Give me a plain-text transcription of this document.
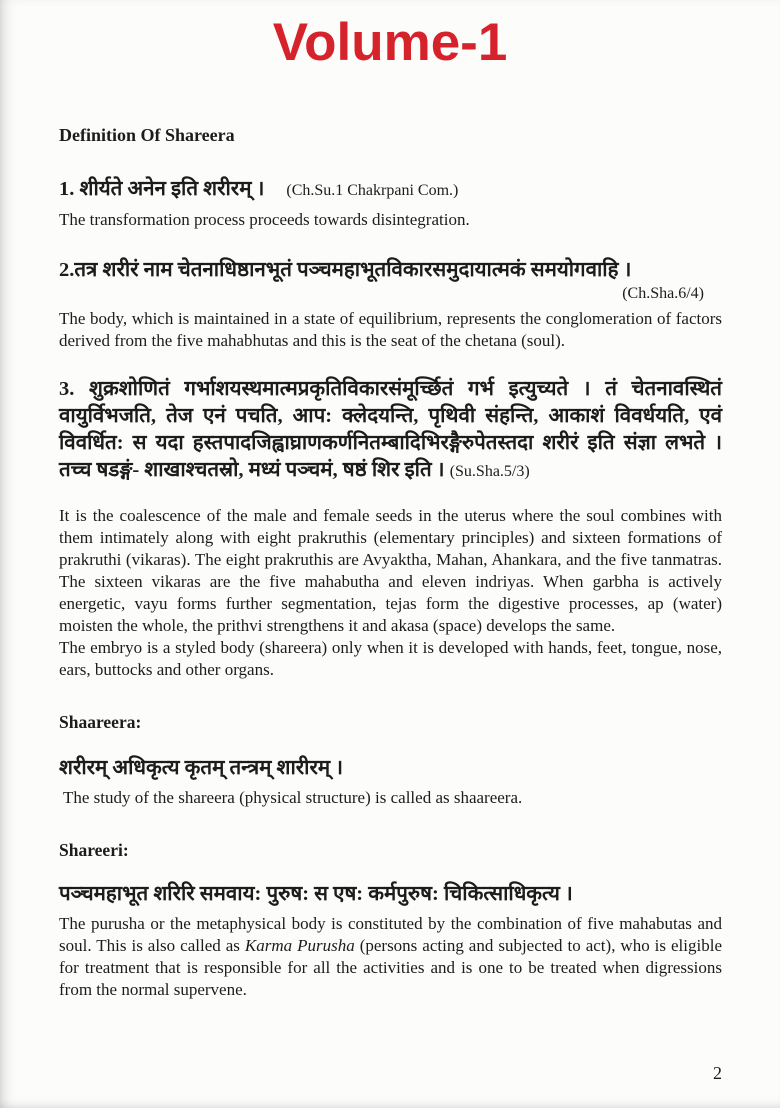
Volume-1
Definition Of Shareera

1. शीर्यते अनेन इति शरीरम् । (Ch.Su.1 Chakrpani Com.)

The transformation process proceeds towards disintegration.

2.तत्र शरीरं नाम चेतनाधिष्ठानभूतं पञ्चमहाभूतविकारसमुदायात्मकं समयोगवाहि ।

(Ch.Sha.6/4)

The body, which is maintained in a state of equilibrium, represents the conglomeration of factors derived from the five mahabhutas and this is the seat of the chetana (soul).

3. शुक्रशोणितं गर्भाशयस्थमात्मप्रकृतिविकारसंमूर्च्छितं गर्भ इत्युच्यते । तं चेतनावस्थितं वायुर्विभजति, तेज एनं पचति, आप: क्लेदयन्ति, पृथिवी संहन्ति, आकाशं विवर्धयति, एवं विवर्धित: स यदा हस्तपादजिह्वाघ्राणकर्णनितम्बादिभिरङ्गैरुपेतस्तदा शरीरं इति संज्ञा लभते । तच्च षडङ्गं- शाखाश्चतस्रो, मध्यं पञ्चमं, षष्ठं शिर इति । (Su.Sha.5/3)

It is the coalescence of the male and female seeds in the uterus where the soul combines with them intimately along with eight prakruthis (elementary principles) and sixteen formations of prakruthi (vikaras). The eight prakruthis are Avyaktha, Mahan, Ahankara, and the five tanmatras. The sixteen vikaras are the five mahabutha and eleven indriyas. When garbha is actively energetic, vayu forms further segmentation, tejas form the digestive processes, ap (water) moisten the whole, the prithvi strengthens it and akasa (space) develops the same.

The embryo is a styled body (shareera) only when it is developed with hands, feet, tongue, nose, ears, buttocks and other organs.

Shaareera:

शरीरम् अधिकृत्य कृतम् तन्त्रम् शारीरम् ।

The study of the shareera (physical structure) is called as shaareera.

Shareeri:

पञ्चमहाभूत शरिरि समवाय: पुरुष: स एष: कर्मपुरुष: चिकित्साधिकृत्य ।

The purusha or the metaphysical body is constituted by the combination of five mahabutas and soul. This is also called as Karma Purusha (persons acting and subjected to act), who is eligible for treatment that is responsible for all the activities and is one to be treated when digressions from the normal supervene.

2
